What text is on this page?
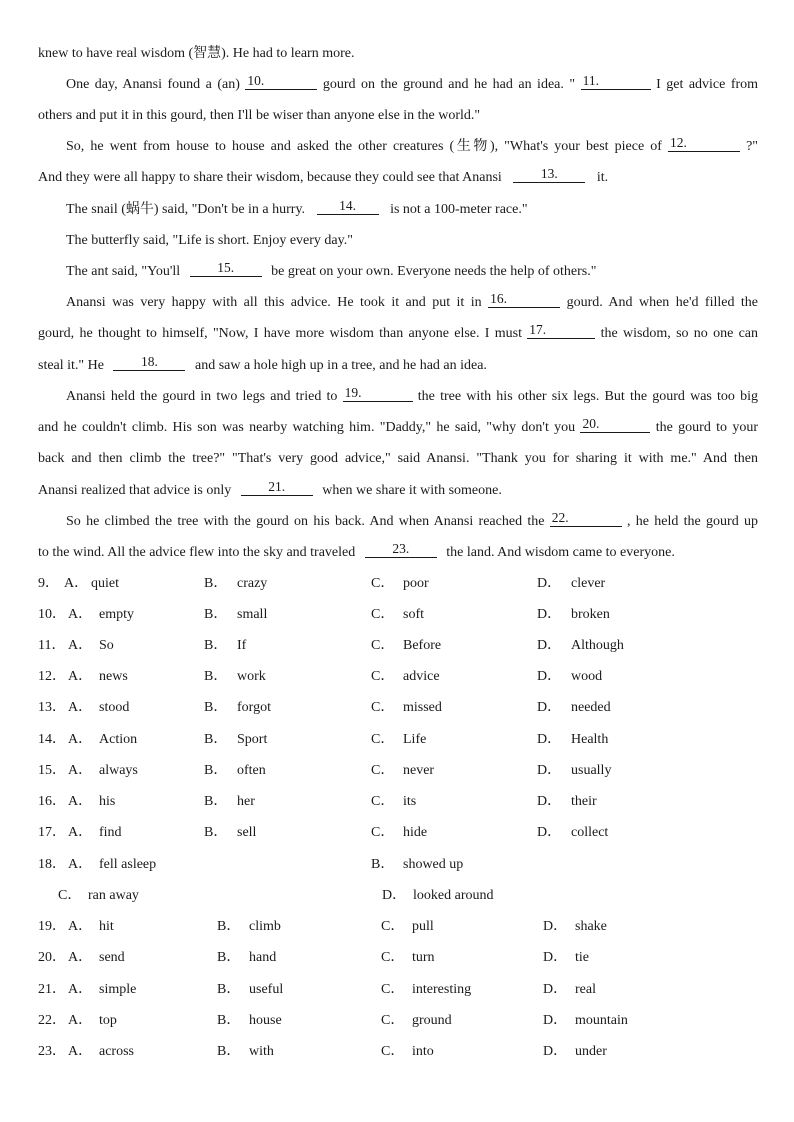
knew to have real wisdom (智慧). He had to learn more.
One day, Anansi found a (an) 10.	gourd on the ground and he had an idea. " 11.	I get advice from
others and put it in this gourd, then I'll be wiser than anyone else in the world."
So, he went from house to house and asked the other creatures (生物), "What's your best piece of 12.	?"
And they were all happy to share their wisdom, because they could see that Anansi	13.	it.
The snail (蜗牛) said, "Don't be in a hurry.	14. is not a 100-meter race."
The butterfly said, "Life is short. Enjoy every day."
The ant said, "You'll	15.	be great on your own. Everyone needs the help of others."
Anansi was very happy with all this advice. He took it and put it in 16.	gourd. And when he'd filled the
gourd, he thought to himself, "Now, I have more wisdom than anyone else. I must 17.	the wisdom, so no one can
steal it." He	18.	and saw a hole high up in a tree, and he had an idea.
Anansi held the gourd in two legs and tried to 19.	the tree with his other six legs. But the gourd was too big
and he couldn't climb. His son was nearby watching him. "Daddy," he said, "why don't you 20.	the gourd to your
back and then climb the tree?" "That's very good advice," said Anansi. "Thank you for sharing it with me." And then
Anansi realized that advice is only	21.	when we share it with someone.
So he climbed the tree with the gourd on his back. And when Anansi reached the 22.	, he held the gourd up
to the wind. All the advice flew into the sky and traveled	23.	the land. And wisdom came to everyone.
9． A． quiet	B． crazy	C． poor	D． clever
10． A． empty	B． small	C． soft	D． broken
11． A． So	B． If	C． Before	D． Although
12． A． news	B． work	C． advice	D． wood
13． A． stood	B． forgot	C． missed	D． needed
14． A． Action	B． Sport	C． Life	D． Health
15． A． always	B． often	C． never	D． usually
16． A． his	B． her	C． its	D． their
17． A． find	B． sell	C． hide	D． collect
18． A． fell asleep	B． showed up
C． ran away	D． looked around
19． A． hit	B． climb	C． pull	D． shake
20． A． send	B． hand	C． turn	D． tie
21． A． simple	B． useful	C． interesting	D． real
22． A． top	B． house	C． ground	D． mountain
23． A． across	B． with	C． into	D． under
